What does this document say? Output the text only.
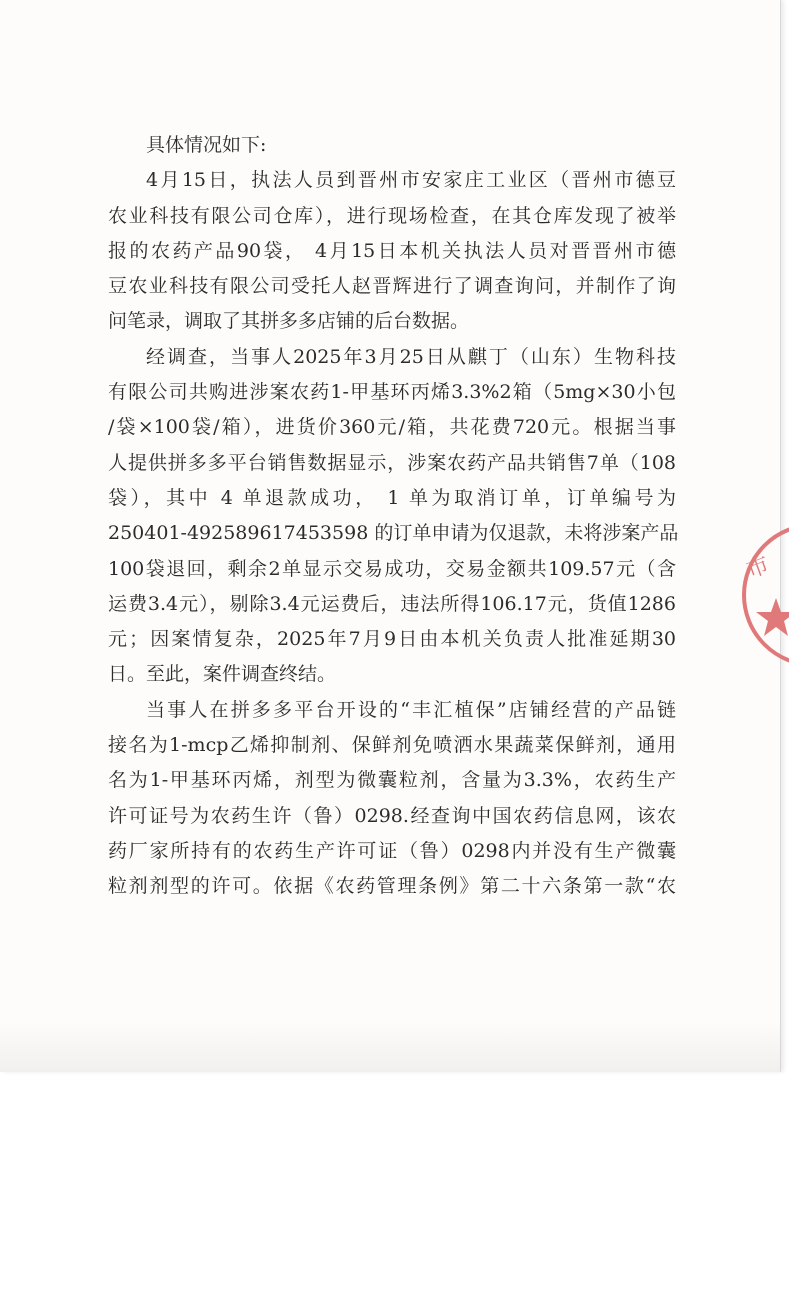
具体情况如下:
4月15日，执法人员到晋州市安家庄工业区（晋州市德豆
农业科技有限公司仓库），进行现场检查，在其仓库发现了被举
报的农药产品90袋， 4月15日本机关执法人员对晋晋州市德
豆农业科技有限公司受托人赵晋辉进行了调查询问，并制作了询
问笔录，调取了其拼多多店铺的后台数据。
经调查，当事人2025年3月25日从麒丁（山东）生物科技
有限公司共购进涉案农药1-甲基环丙烯3.3%2箱（5mg×30小包
/袋×100袋/箱），进货价360元/箱，共花费720元。根据当事
人提供拼多多平台销售数据显示，涉案农药产品共销售7单（108
袋），其中 4 单退款成功， 1 单为取消订单，订单编号为
250401-492589617453598 的订单申请为仅退款，未将涉案产品
100袋退回，剩余2单显示交易成功，交易金额共109.57元（含
运费3.4元），剔除3.4元运费后，违法所得106.17元，货值1286
元；因案情复杂，2025年7月9日由本机关负责人批准延期30
日。至此，案件调查终结。
当事人在拼多多平台开设的“丰汇植保”店铺经营的产品链
接名为1-mcp乙烯抑制剂、保鲜剂免喷洒水果蔬菜保鲜剂，通用
名为1-甲基环丙烯，剂型为微囊粒剂，含量为3.3%，农药生产
许可证号为农药生许（鲁）0298.经查询中国农药信息网，该农
药厂家所持有的农药生产许可证（鲁）0298内并没有生产微囊
粒剂剂型的许可。依据《农药管理条例》第二十六条第一款“农
市
